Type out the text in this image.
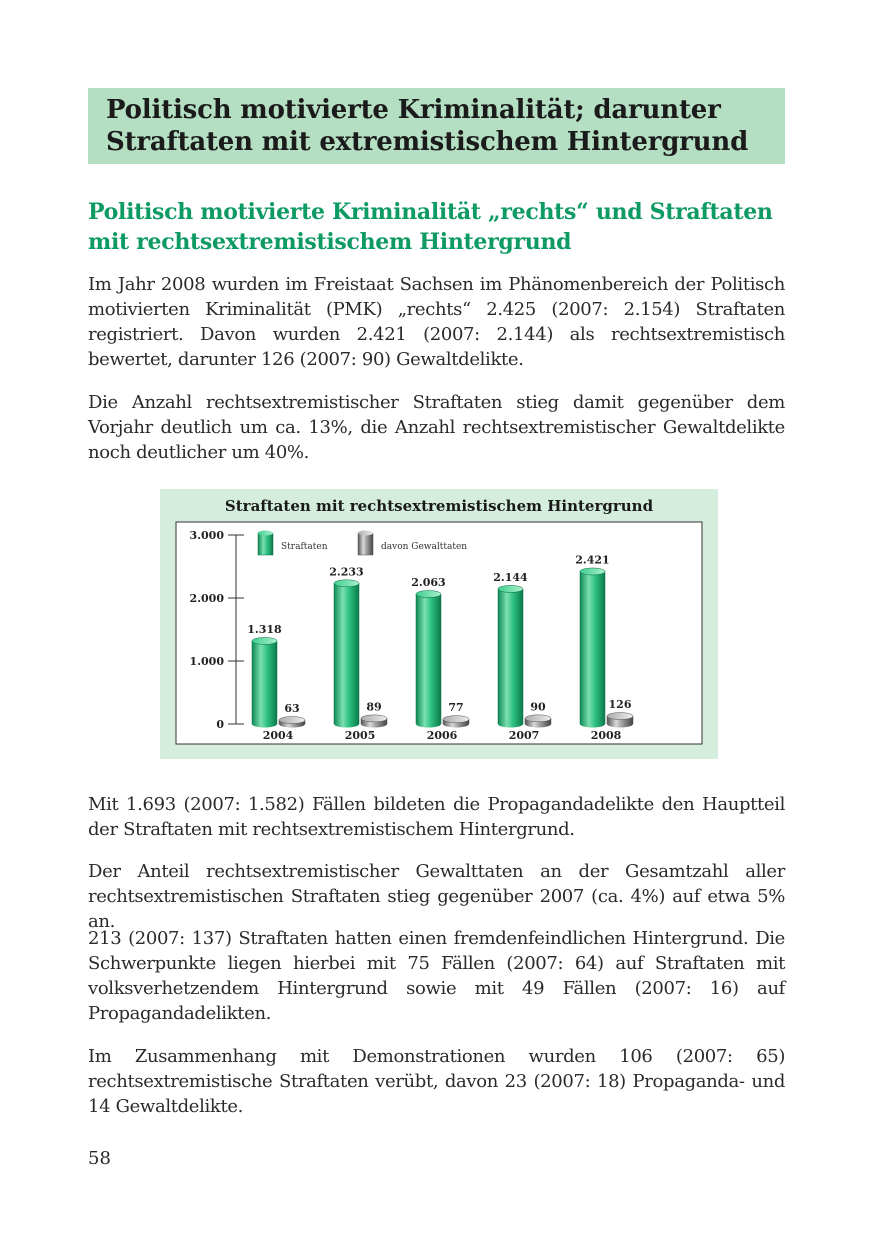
Politisch motivierte Kriminalität; darunter
Straftaten mit extremistischem Hintergrund
Politisch motivierte Kriminalität „rechts“ und Straftaten
mit rechtsextremistischem Hintergrund

Im Jahr 2008 wurden im Freistaat Sachsen im Phänomenbereich der Politisch motivierten Kriminalität (PMK) „rechts“ 2.425 (2007: 2.154) Straftaten registriert. Davon wurden 2.421 (2007: 2.144) als rechtsextremistisch bewertet, darunter 126 (2007: 90) Gewaltdelikte.

Die Anzahl rechtsextremistischer Straftaten stieg damit gegenüber dem Vorjahr deutlich um ca. 13%, die Anzahl rechtsextremistischer Gewaltdelikte noch deutlicher um 40%.

Straftaten mit rechtsextremistischem Hintergrund
0
1.000
2.000
3.000
1.318
63
2.233
89
2.063
77
2.144
90
2.421
126
2004	2005	2006	2007	2008
Straftaten	davon Gewalttaten

Mit 1.693 (2007: 1.582) Fällen bildeten die Propagandadelikte den Hauptteil der Straftaten mit rechtsextremistischem Hintergrund.

Der Anteil rechtsextremistischer Gewalttaten an der Gesamtzahl aller rechtsextremistischen Straftaten stieg gegenüber 2007 (ca. 4%) auf etwa 5% an.

213 (2007: 137) Straftaten hatten einen fremdenfeindlichen Hintergrund. Die Schwerpunkte liegen hierbei mit 75 Fällen (2007: 64) auf Straftaten mit volksverhetzendem Hintergrund sowie mit 49 Fällen (2007: 16) auf Propagandadelikten.

Im Zusammenhang mit Demonstrationen wurden 106 (2007: 65) rechtsextremistische Straftaten verübt, davon 23 (2007: 18) Propaganda- und 14 Gewaltdelikte.

58
